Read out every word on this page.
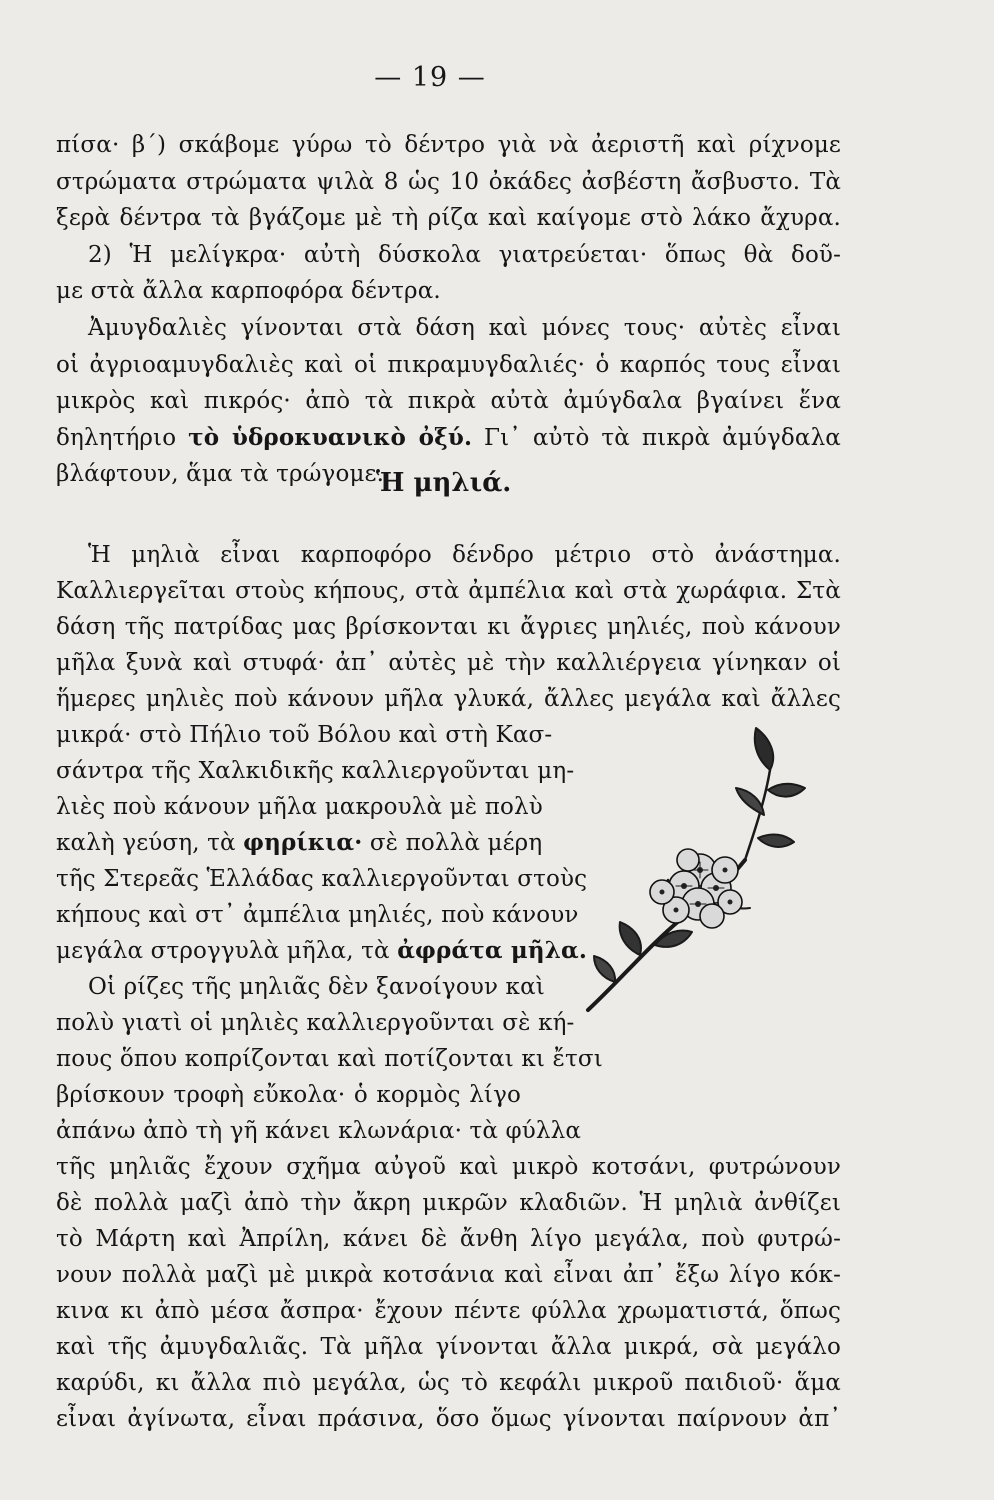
— 19 —
πίσα· β΄) σκάβομε γύρω τὸ δέντρο γιὰ νὰ ἀεριστῆ καὶ ρίχνομε
στρώματα στρώματα ψιλὰ 8 ὡς 10 ὀκάδες ἀσβέστη ἄσβυστο. Τὰ
ξερὰ δέντρα τὰ βγάζομε μὲ τὴ ρίζα καὶ καίγομε στὸ λάκο ἄχυρα.
2) Ἡ μελίγκρα· αὐτὴ δύσκολα γιατρεύεται· ὅπως θὰ δοῦ-
με στὰ ἄλλα καρποφόρα δέντρα.
Ἀμυγδαλιὲς γίνονται στὰ δάση καὶ μόνες τους· αὐτὲς εἶναι
οἱ ἀγριοαμυγδαλιὲς καὶ οἱ πικραμυγδαλιές· ὁ καρπός τους εἶναι
μικρὸς καὶ πικρός· ἀπὸ τὰ πικρὰ αὐτὰ ἀμύγδαλα βγαίνει ἕνα
δηλητήριο τὸ ὑδροκυανικὸ ὀξύ. Γι᾽ αὐτὸ τὰ πικρὰ ἀμύγδαλα
βλάφτουν, ἅμα τὰ τρώγομε.
Ἡ μηλιὰ εἶναι καρποφόρο δένδρο μέτριο στὸ ἀνάστημα.
Καλλιεργεῖται στοὺς κήπους, στὰ ἀμπέλια καὶ στὰ χωράφια. Στὰ
δάση τῆς πατρίδας μας βρίσκονται κι ἄγριες μηλιές, ποὺ κάνουν
μῆλα ξυνὰ καὶ στυφά· ἀπ᾽ αὐτὲς μὲ τὴν καλλιέργεια γίνηκαν οἱ
ἥμερες μηλιὲς ποὺ κάνουν μῆλα γλυκά, ἄλλες μεγάλα καὶ ἄλλες
μικρά· στὸ Πήλιο τοῦ Βόλου καὶ στὴ Κασ-
σάντρα τῆς Χαλκιδικῆς καλλιεργοῦνται μη-
λιὲς ποὺ κάνουν μῆλα μακρουλὰ μὲ πολὺ
καλὴ γεύση, τὰ φηρίκια· σὲ πολλὰ μέρη
τῆς Στερεᾶς Ἑλλάδας καλλιεργοῦνται στοὺς
κήπους καὶ στ᾽ ἀμπέλια μηλιές, ποὺ κάνουν
μεγάλα στρογγυλὰ μῆλα, τὰ ἀφράτα μῆλα.
Οἱ ρίζες τῆς μηλιᾶς δὲν ξανοίγουν καὶ
πολὺ γιατὶ οἱ μηλιὲς καλλιεργοῦνται σὲ κή-
πους ὅπου κοπρίζονται καὶ ποτίζονται κι ἔτσι
βρίσκουν τροφὴ εὔκολα· ὁ κορμὸς λίγο
ἀπάνω ἀπὸ τὴ γῆ κάνει κλωνάρια· τὰ φύλλα
τῆς μηλιᾶς ἔχουν σχῆμα αὐγοῦ καὶ μικρὸ κοτσάνι, φυτρώνουν
δὲ πολλὰ μαζὶ ἀπὸ τὴν ἄκρη μικρῶν κλαδιῶν. Ἡ μηλιὰ ἀνθίζει
τὸ Μάρτη καὶ Ἀπρίλη, κάνει δὲ ἄνθη λίγο μεγάλα, ποὺ φυτρώ-
νουν πολλὰ μαζὶ μὲ μικρὰ κοτσάνια καὶ εἶναι ἀπ᾽ ἔξω λίγο κόκ-
κινα κι ἀπὸ μέσα ἄσπρα· ἔχουν πέντε φύλλα χρωματιστά, ὅπως
καὶ τῆς ἀμυγδαλιᾶς. Τὰ μῆλα γίνονται ἄλλα μικρά, σὰ μεγάλο
καρύδι, κι ἄλλα πιὸ μεγάλα, ὡς τὸ κεφάλι μικροῦ παιδιοῦ· ἅμα
εἶναι ἀγίνωτα, εἶναι πράσινα, ὅσο ὅμως γίνονται παίρνουν ἀπ᾽
Ἡ μηλιά.
